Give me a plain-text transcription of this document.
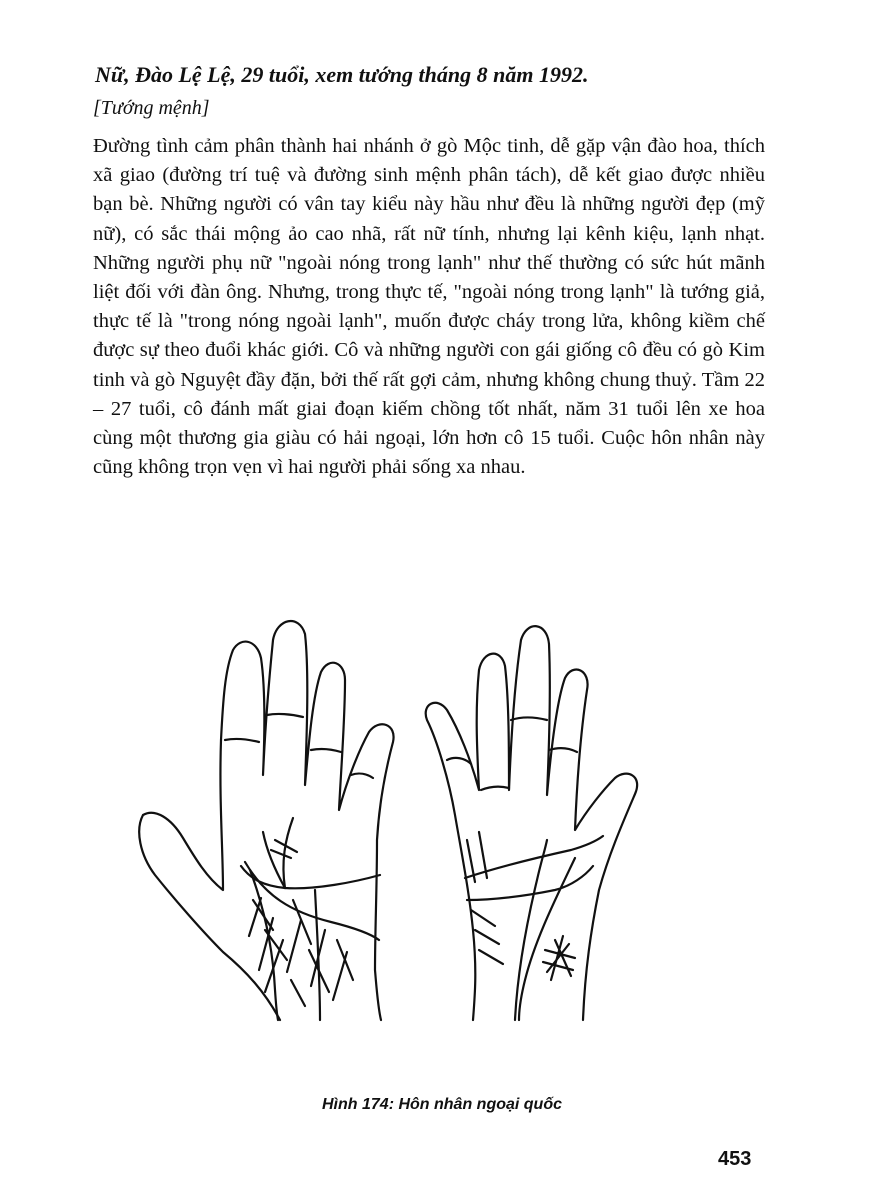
Nữ, Đào Lệ Lệ, 29 tuổi, xem tướng tháng 8 năm 1992.
[Tướng mệnh]

Đường tình cảm phân thành hai nhánh ở gò Mộc tinh, dễ gặp vận đào hoa, thích xã giao (đường trí tuệ và đường sinh mệnh phân tách), dễ kết giao được nhiều bạn bè. Những người có vân tay kiểu này hầu như đều là những người đẹp (mỹ nữ), có sắc thái mộng ảo cao nhã, rất nữ tính, nhưng lại kênh kiệu, lạnh nhạt. Những người phụ nữ "ngoài nóng trong lạnh" như thế thường có sức hút mãnh liệt đối với đàn ông. Nhưng, trong thực tế, "ngoài nóng trong lạnh" là tướng giả, thực tế là "trong nóng ngoài lạnh", muốn được cháy trong lửa, không kiềm chế được sự theo đuổi khác giới. Cô và những người con gái giống cô đều có gò Kim tinh và gò Nguyệt đầy đặn, bởi thế rất gợi cảm, nhưng không chung thuỷ. Tầm 22 – 27 tuổi, cô đánh mất giai đoạn kiếm chồng tốt nhất, năm 31 tuổi lên xe hoa cùng một thương gia giàu có hải ngoại, lớn hơn cô 15 tuổi. Cuộc hôn nhân này cũng không trọn vẹn vì hai người phải sống xa nhau.

Hình 174: Hôn nhân ngoại quốc
453
